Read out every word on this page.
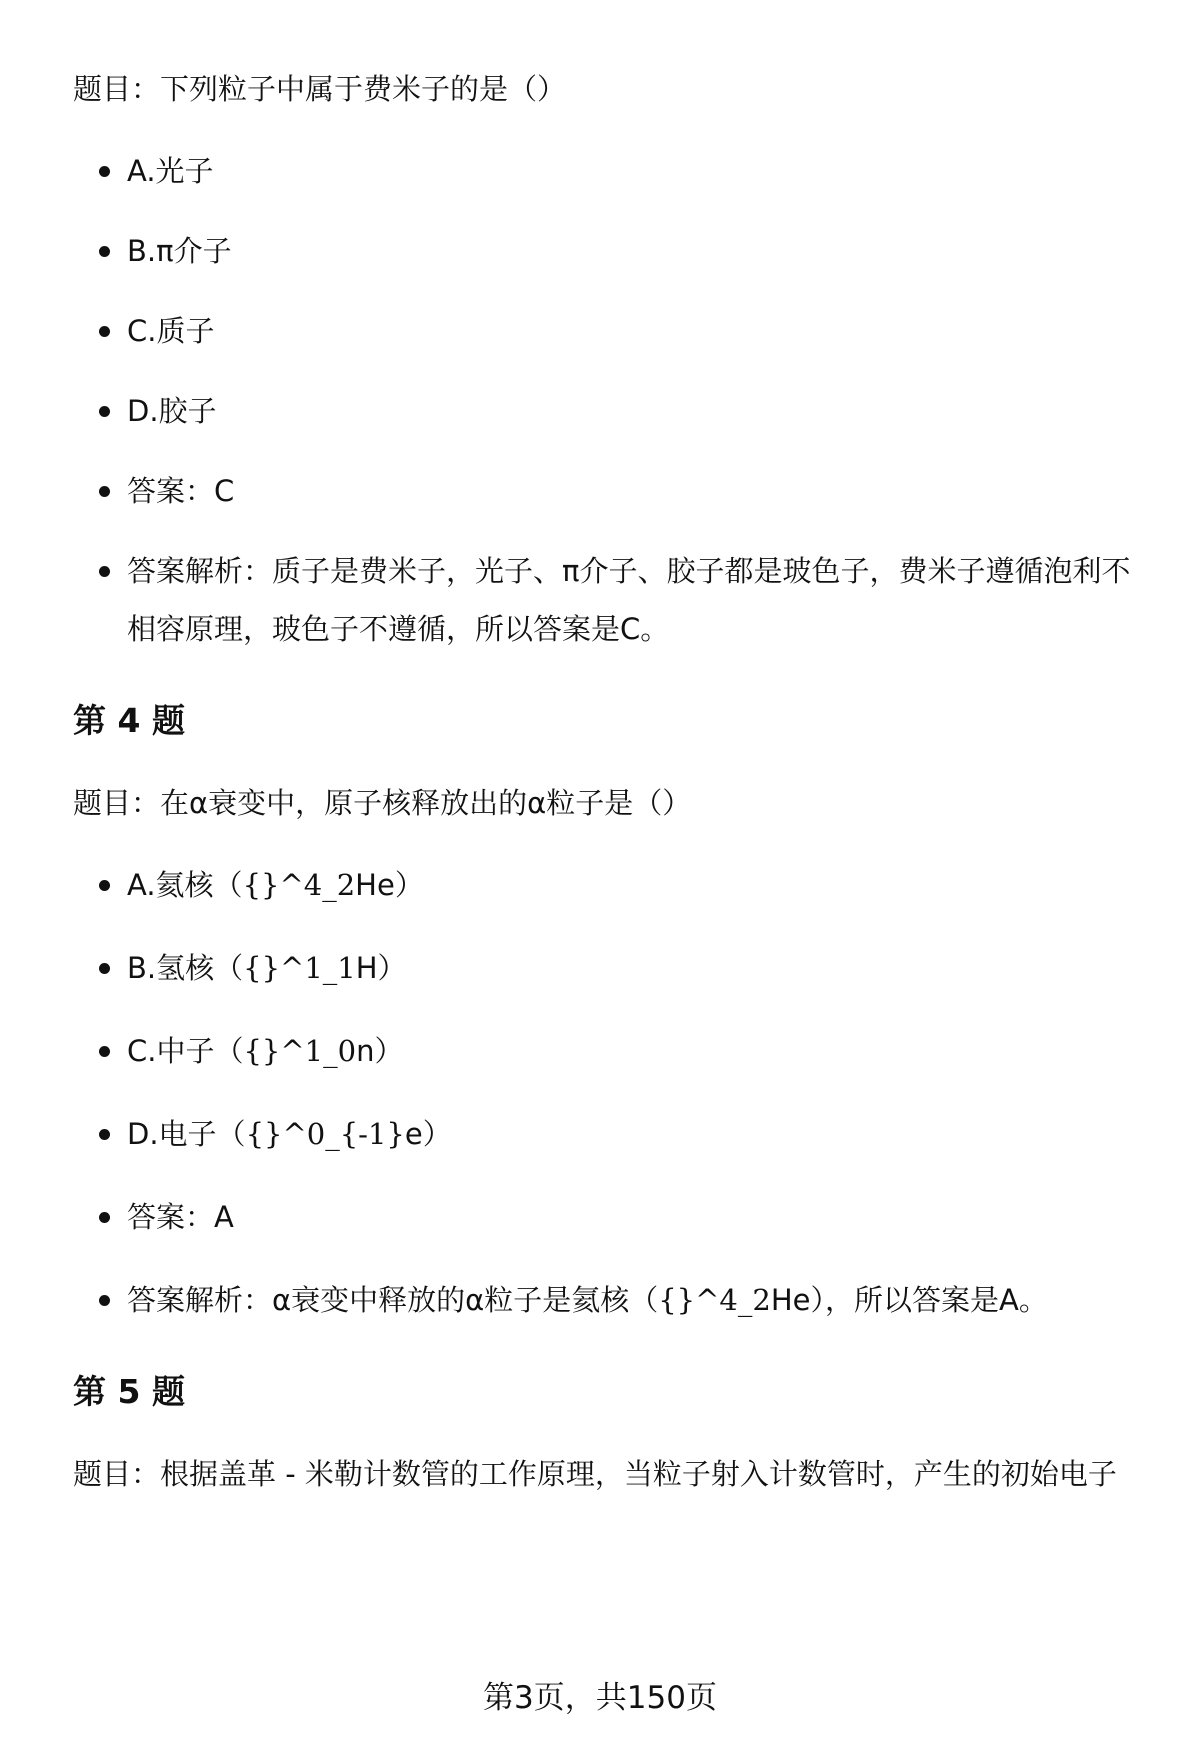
题目：下列粒子中属于费米子的是（）

A.光子
B.π介子
C.质子
D.胶子
答案：C
答案解析：质子是费米子，光子、π介子、胶子都是玻色子，费米子遵循泡利不相容原理，玻色子不遵循，所以答案是C。
第 4 题

题目：在α衰变中，原子核释放出的α粒子是（）

A.氦核（{}^4_2He）
B.氢核（{}^1_1H）
C.中子（{}^1_0n）
D.电子（{}^0_{-1}e）
答案：A
答案解析：α衰变中释放的α粒子是氦核（{}^4_2He），所以答案是A。
第 5 题

题目：根据盖革 - 米勒计数管的工作原理，当粒子射入计数管时，产生的初始电子

第3页，共150页
